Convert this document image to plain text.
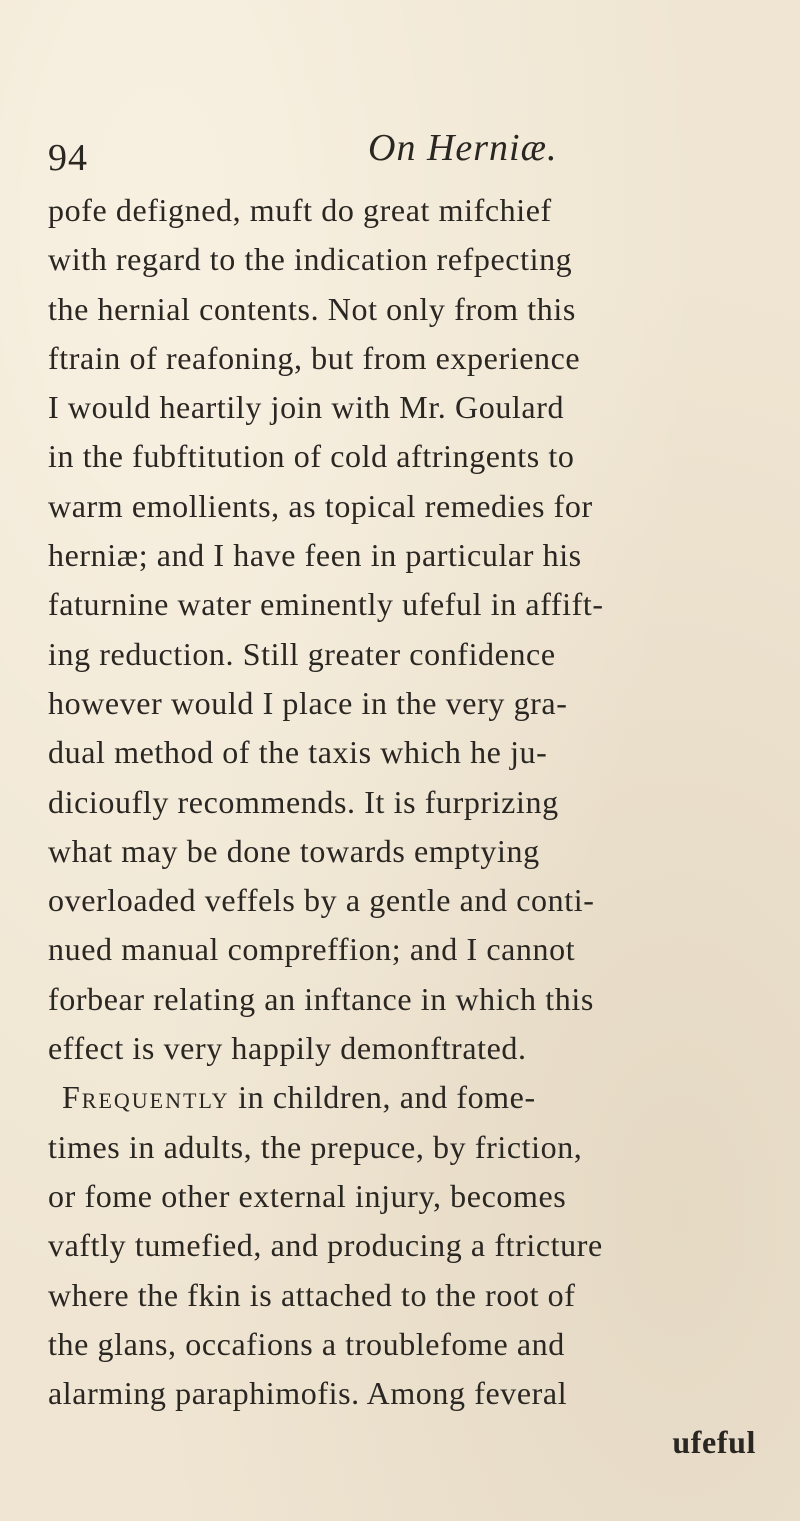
94	On Herniæ.
pofe defigned, muft do great mifchief
with regard to the indication refpecting
the hernial contents. Not only from this
ftrain of reafoning, but from experience
I would heartily join with Mr. Goulard
in the fubftitution of cold aftringents to
warm emollients, as topical remedies for
herniæ; and I have feen in particular his
faturnine water eminently ufeful in affift-
ing reduction. Still greater confidence
however would I place in the very gra-
dual method of the taxis which he ju-
dicioufly recommends. It is furprizing
what may be done towards emptying
overloaded veffels by a gentle and conti-
nued manual compreffion; and I cannot
forbear relating an inftance in which this
effect is very happily demonftrated.
Frequently in children, and fome-
times in adults, the prepuce, by friction,
or fome other external injury, becomes
vaftly tumefied, and producing a ftricture
where the fkin is attached to the root of
the glans, occafions a troublefome and
alarming paraphimofis. Among feveral
ufeful
